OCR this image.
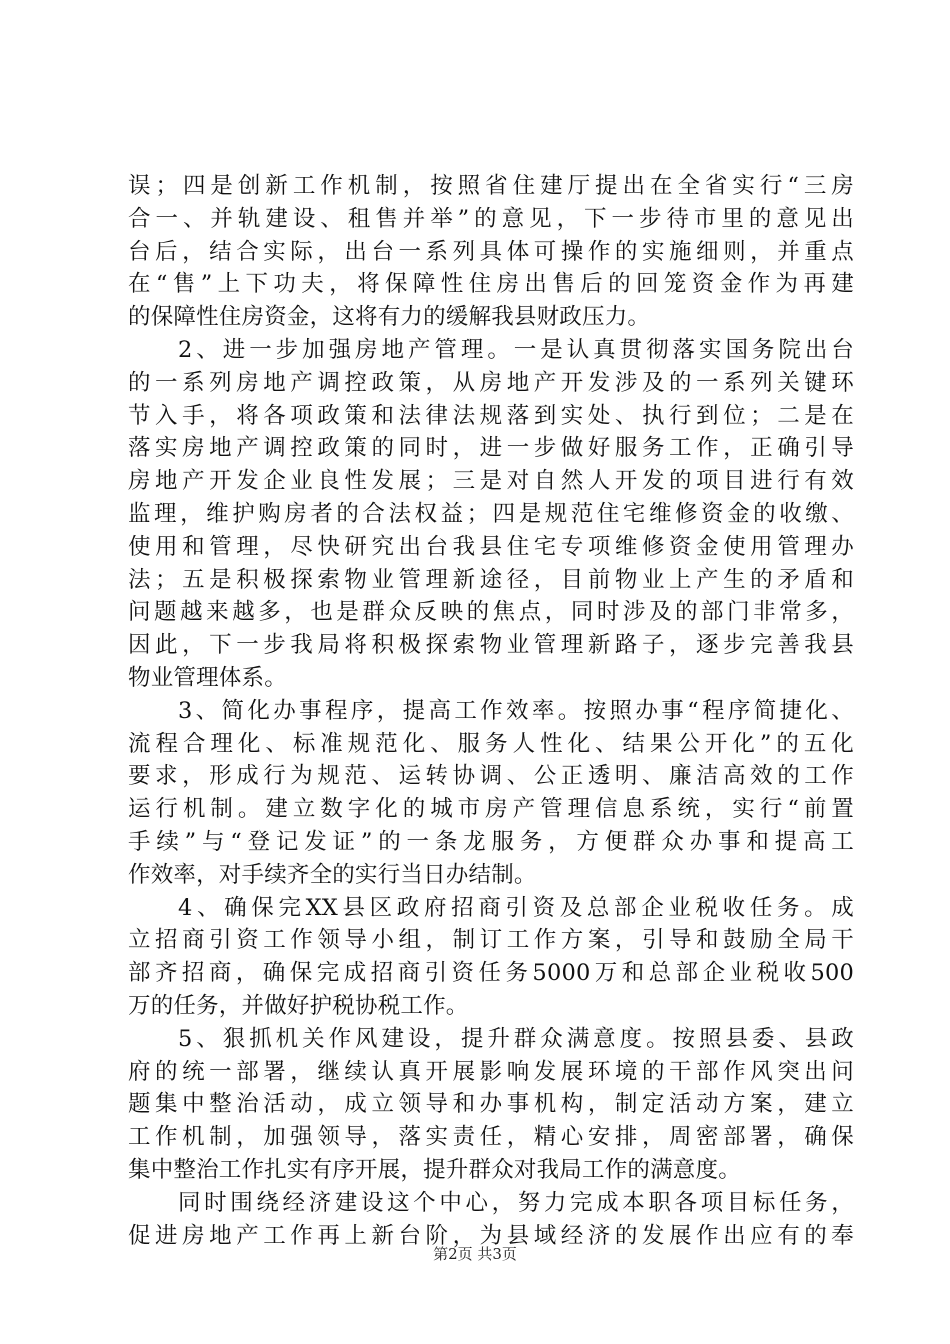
误；四是创新工作机制，按照省住建厅提出在全省实行“三房
合一、并轨建设、租售并举”的意见，下一步待市里的意见出
台后，结合实际，出台一系列具体可操作的实施细则，并重点
在“售”上下功夫，将保障性住房出售后的回笼资金作为再建
的保障性住房资金，这将有力的缓解我县财政压力。
2、进一步加强房地产管理。一是认真贯彻落实国务院出台
的一系列房地产调控政策，从房地产开发涉及的一系列关键环
节入手，将各项政策和法律法规落到实处、执行到位；二是在
落实房地产调控政策的同时，进一步做好服务工作，正确引导
房地产开发企业良性发展；三是对自然人开发的项目进行有效
监理，维护购房者的合法权益；四是规范住宅维修资金的收缴、
使用和管理，尽快研究出台我县住宅专项维修资金使用管理办
法；五是积极探索物业管理新途径，目前物业上产生的矛盾和
问题越来越多，也是群众反映的焦点，同时涉及的部门非常多，
因此，下一步我局将积极探索物业管理新路子，逐步完善我县
物业管理体系。
3、简化办事程序，提高工作效率。按照办事“程序简捷化、
流程合理化、标准规范化、服务人性化、结果公开化”的五化
要求，形成行为规范、运转协调、公正透明、廉洁高效的工作
运行机制。建立数字化的城市房产管理信息系统，实行“前置
手续”与“登记发证”的一条龙服务，方便群众办事和提高工
作效率，对手续齐全的实行当日办结制。
4、确保完XX县区政府招商引资及总部企业税收任务。成
立招商引资工作领导小组，制订工作方案，引导和鼓励全局干
部齐招商，确保完成招商引资任务5000万和总部企业税收500
万的任务，并做好护税协税工作。
5、狠抓机关作风建设，提升群众满意度。按照县委、县政
府的统一部署，继续认真开展影响发展环境的干部作风突出问
题集中整治活动，成立领导和办事机构，制定活动方案，建立
工作机制，加强领导，落实责任，精心安排，周密部署，确保
集中整治工作扎实有序开展，提升群众对我局工作的满意度。
同时围绕经济建设这个中心，努力完成本职各项目标任务，
促进房地产工作再上新台阶，为县域经济的发展作出应有的奉
第2页 共3页
